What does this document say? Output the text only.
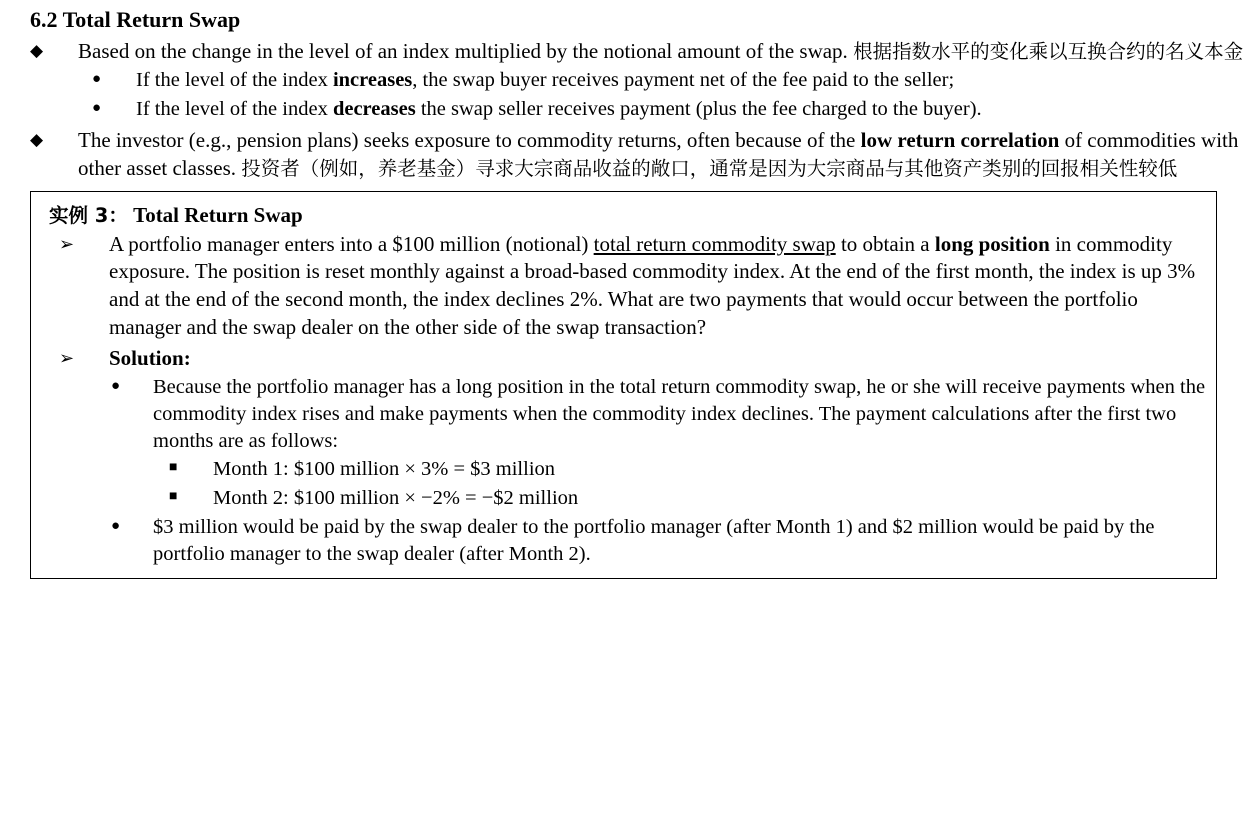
6.2 Total Return Swap
◆	Based on the change in the level of an index multiplied by the notional amount of the swap. 根据指数水平的变化乘以互换合约的名义本金
●	If the level of the index increases, the swap buyer receives payment net of the fee paid to the seller;
●	If the level of the index decreases the swap seller receives payment (plus the fee charged to the buyer).
◆	The investor (e.g., pension plans) seeks exposure to commodity returns, often because of the low return correlation of commodities with other asset classes. 投资者（例如，养老基金）寻求大宗商品收益的敞口，通常是因为大宗商品与其他资产类别的回报相关性较低
实例 3： Total Return Swap
➢	A portfolio manager enters into a $100 million (notional) total return commodity swap to obtain a long position in commodity exposure. The position is reset monthly against a broad-based commodity index. At the end of the first month, the index is up 3% and at the end of the second month, the index declines 2%. What are two payments that would occur between the portfolio manager and the swap dealer on the other side of the swap transaction?
➢	Solution:
●	Because the portfolio manager has a long position in the total return commodity swap, he or she will receive payments when the commodity index rises and make payments when the commodity index declines. The payment calculations after the first two months are as follows:
■	Month 1: $100 million × 3% = $3 million
■	Month 2: $100 million × −2% = −$2 million
●	$3 million would be paid by the swap dealer to the portfolio manager (after Month 1) and $2 million would be paid by the portfolio manager to the swap dealer (after Month 2).
